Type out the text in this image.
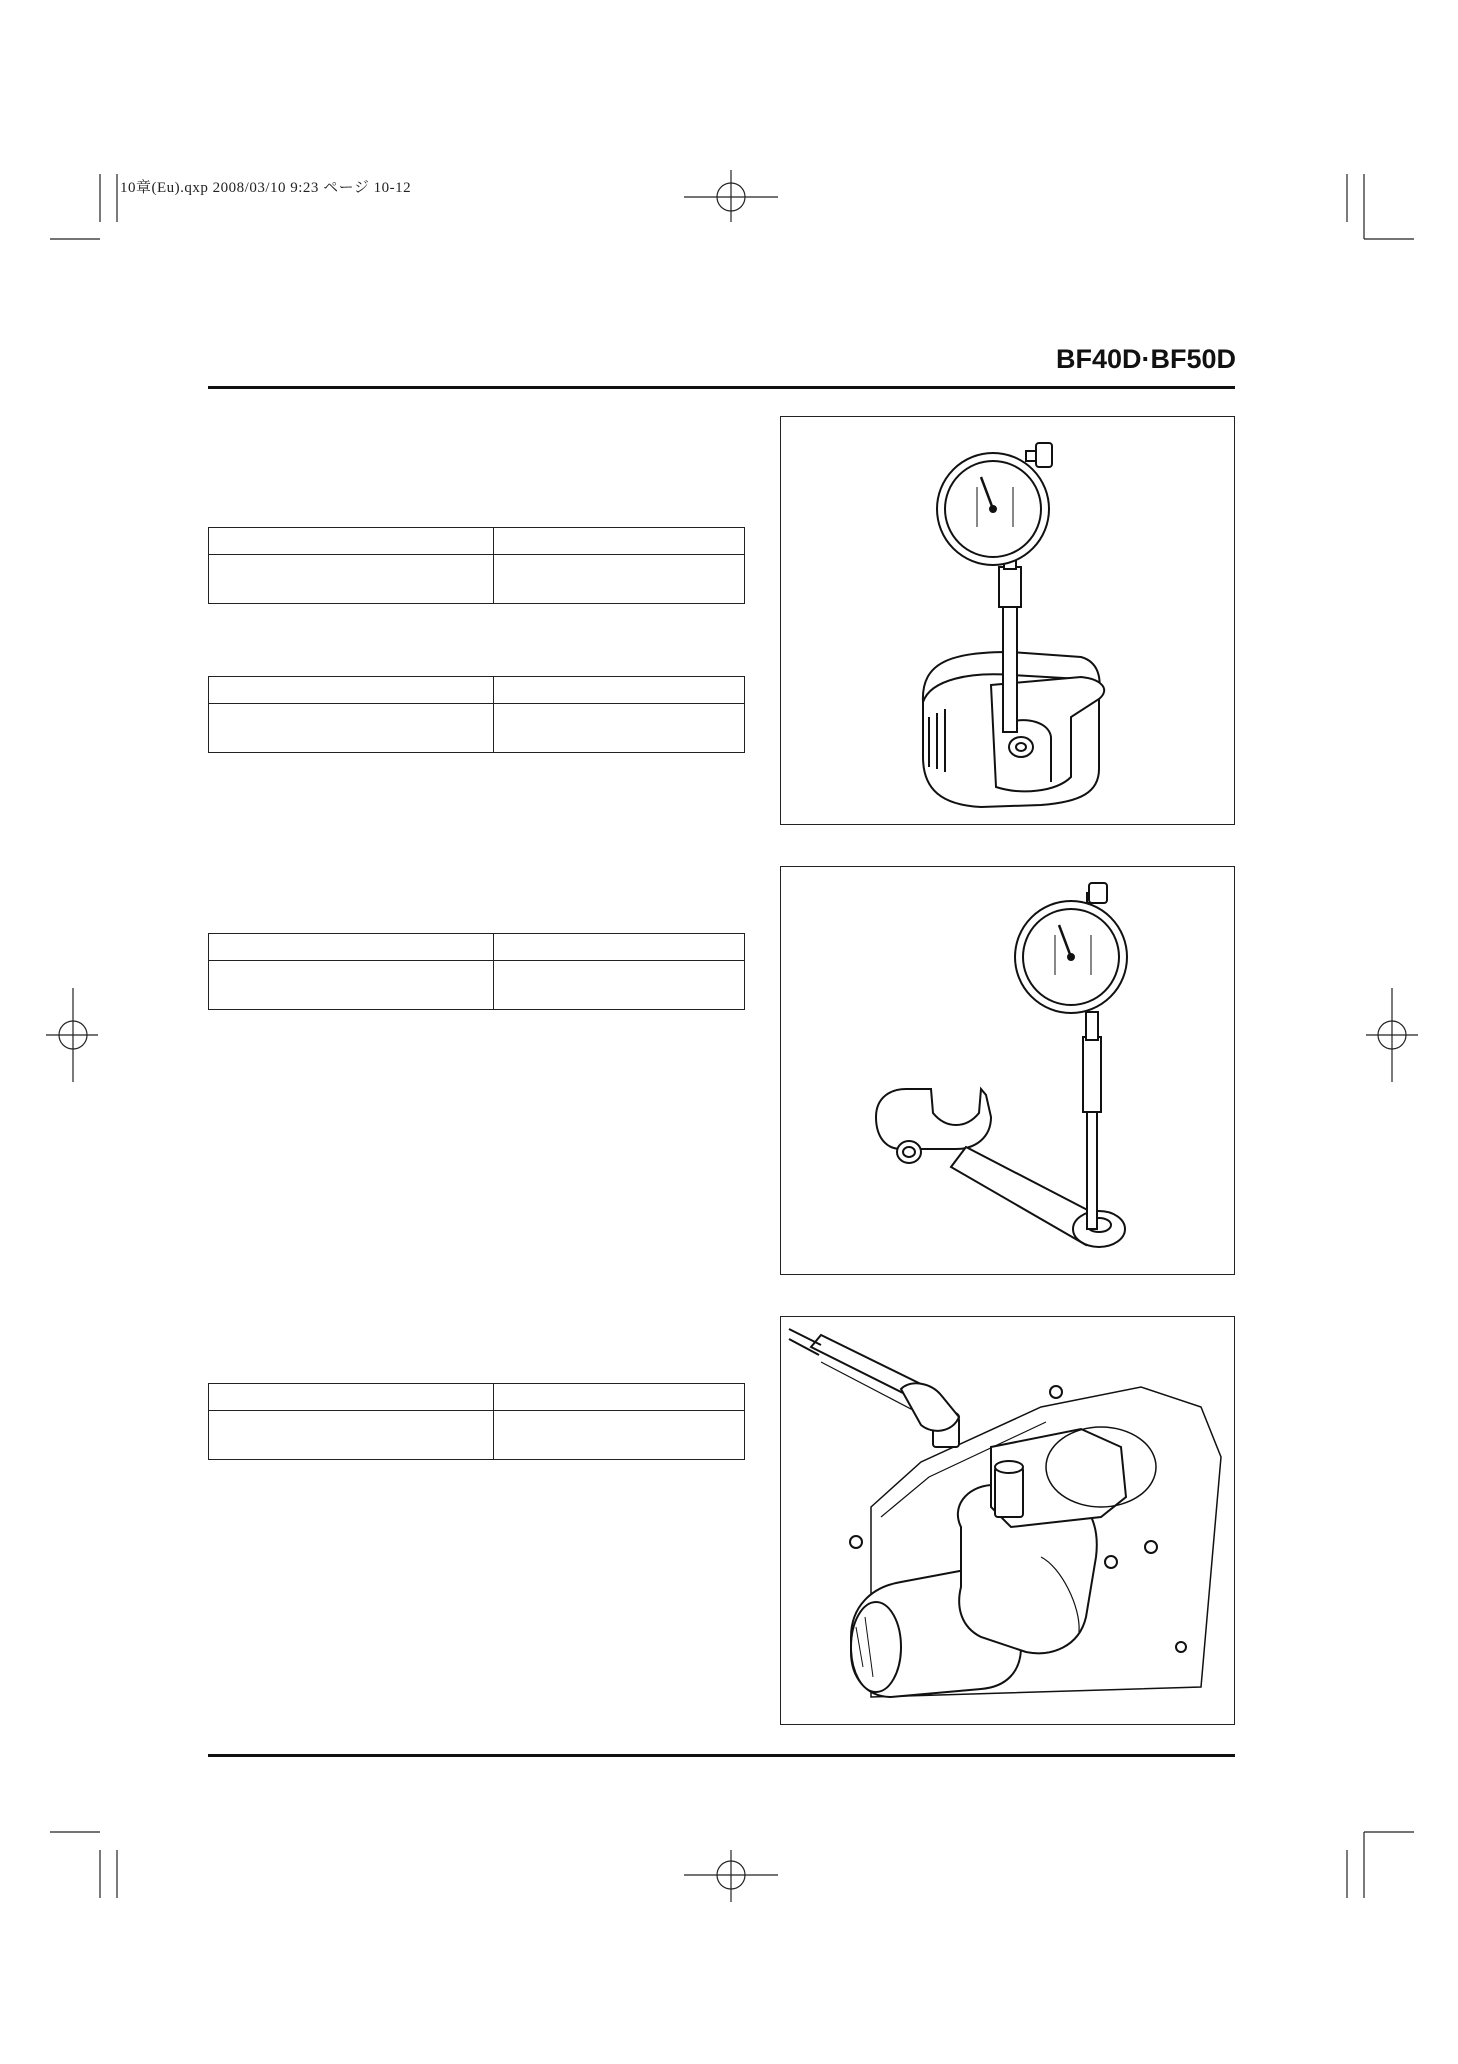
10章(Eu).qxp 2008/03/10 9:23 ページ 10-12
BF40D·BF50D
